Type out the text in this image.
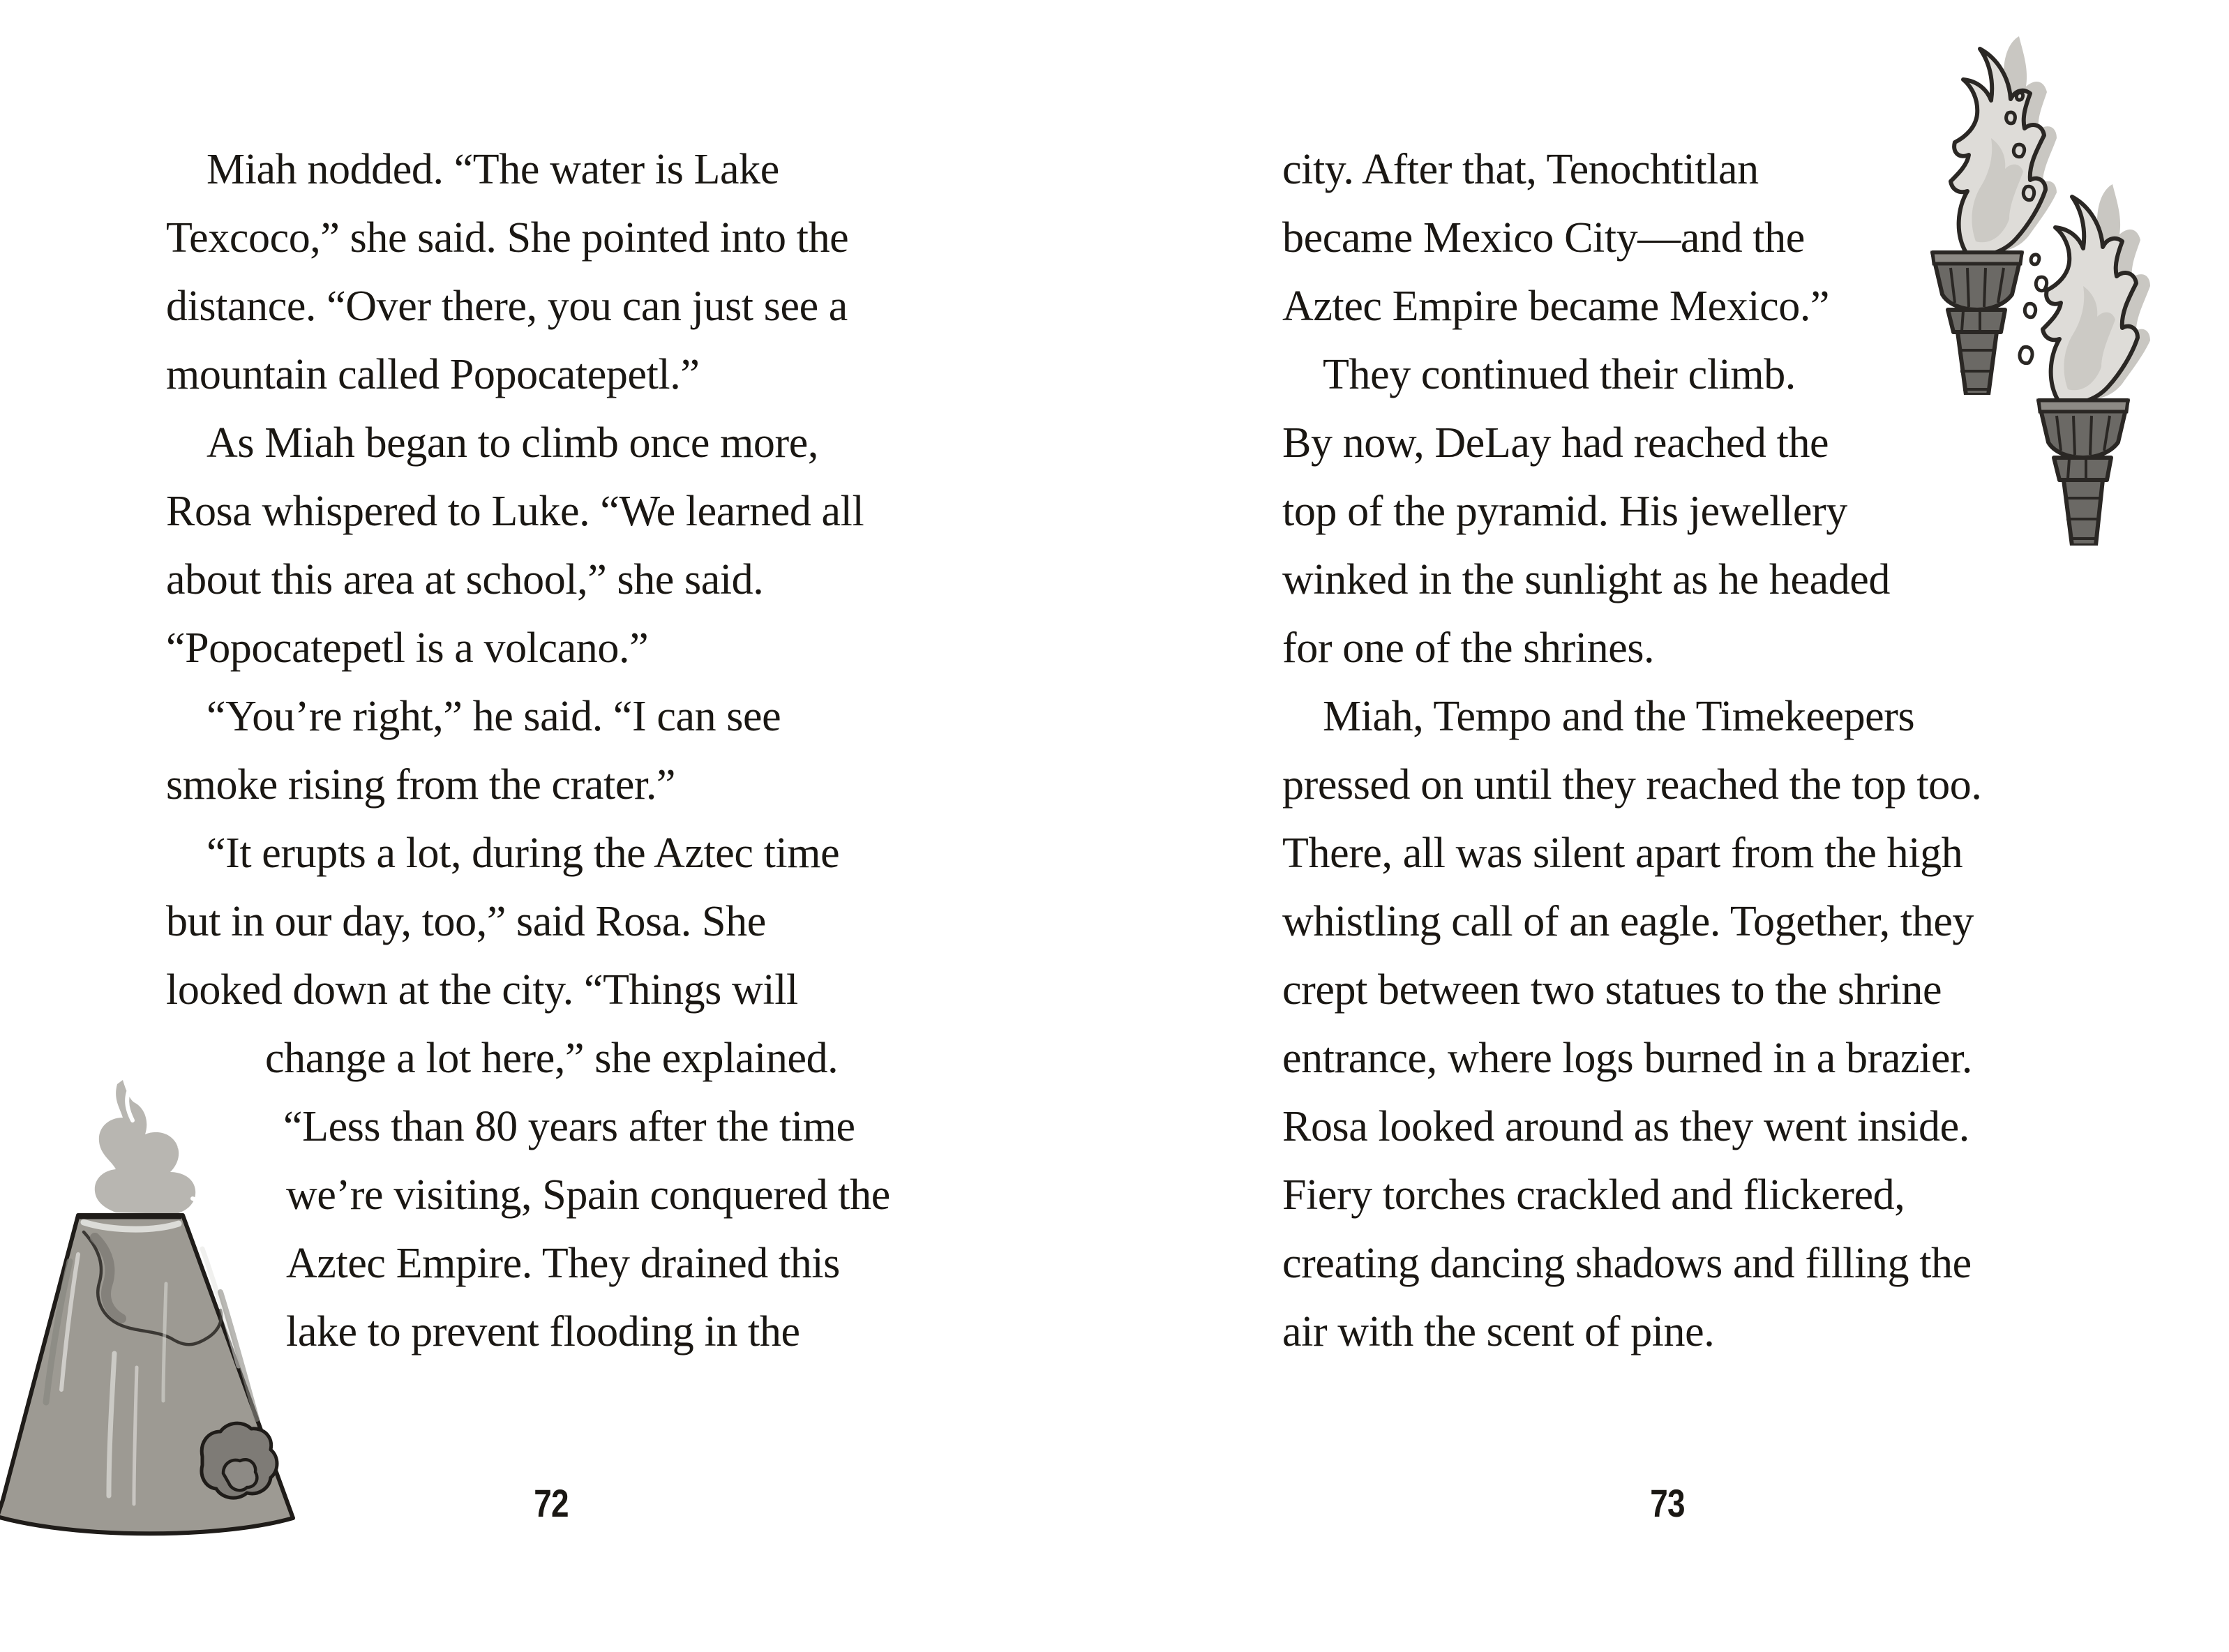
Miah nodded. “The water is Lake
Texcoco,” she said. She pointed into the
distance. “Over there, you can just see a
mountain called Popocatepetl.”
As Miah began to climb once more,
Rosa whispered to Luke. “We learned all
about this area at school,” she said.
“Popocatepetl is a volcano.”
“You’re right,” he said. “I can see
smoke rising from the crater.”
“It erupts a lot, during the Aztec time
but in our day, too,” said Rosa. She
looked down at the city. “Things will
change a lot here,” she explained.
“Less than 80 years after the time
we’re visiting, Spain conquered the
Aztec Empire. They drained this
lake to prevent flooding in the
city. After that, Tenochtitlan
became Mexico City—and the
Aztec Empire became Mexico.”
They continued their climb.
By now, DeLay had reached the
top of the pyramid. His jewellery
winked in the sunlight as he headed
for one of the shrines.
Miah, Tempo and the Timekeepers
pressed on until they reached the top too.
There, all was silent apart from the high
whistling call of an eagle. Together, they
crept between two statues to the shrine
entrance, where logs burned in a brazier.
Rosa looked around as they went inside.
Fiery torches crackled and flickered,
creating dancing shadows and filling the
air with the scent of pine.
72	73
